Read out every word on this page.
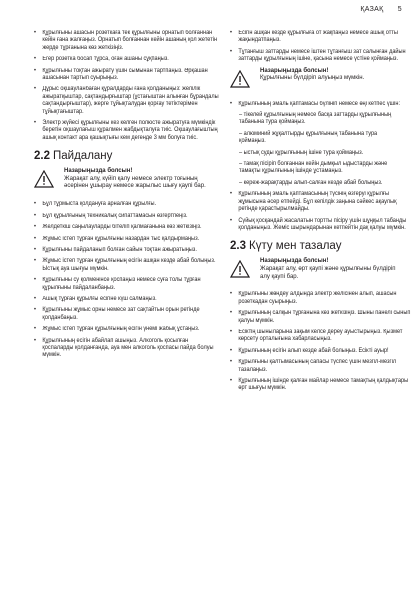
ҚАЗАҚ 5
• Құрылғыны ашасын розеткаға тек құрылғыны орнатып болғаннан кейін ғана жалғаңыз. Орнатып болғаннан кейін ашаның қол жететін жерде тұрғанына көз жеткізіңіз.
• Егер розетка босап тұрса, оған ашаны сұқпаңыз.
• Құрылғыны тоқтан ажырату үшін сымынан тартпаңыз. Әрқашан ашасынан тартып суырыңыз.
• Дұрыс оқшауланбаған құралдарды ғана қолданыңыз: желілік ажыратқыштар, сақтандырғыштар (ұстағыштан алынған бұрандалы сақтандырғыштар), жерге тұйықталудан қорғау тетіктерімен тұйықтағыштар.
• Электр жүйесі құрылғыны кез келген полюсте ажыратуға мүмкіндік беретін оқшаулағыш құралмен жабдықталуға тиіс. Оқшаулағыштың ашық контакт ара қашықтығы кем дегенде 3 мм болуға тиіс.
2.2 Пайдалану
Назарыңызда болсын!
Жарақат алу, күйіп қалу немесе электр тоғының әсерінен ұшырау немесе жарылыс шығу қаупі бар.
• Бұл тұрмыста қолдануға арналған құрылғы.
• Бұл құрылғының техникалық сипаттамасын өзгертпеңіз.
• Желдеткіш саңылауларды бітеліп қалмағанына көз жеткізіңіз.
• Жұмыс істеп тұрған құрылғыны назардан тыс қалдырмаңыз.
• Құрылғыны пайдаланып болған сайын тоқтан ажыратыңыз.
• Жұмыс істеп тұрған құрылғының есігін ашқан кезде абай болыңыз. Ыстық ауа шығуы мүмкін.
• Құрылғыны су қолменінсе қоспаңыз немесе суға толы тұрған құрылғыны пайдаланбаңыз.
• Ашық тұрған құрылғы есігіне күш салмаңыз.
• Құрылғыны жұмыс орны немесе зат сақтайтын орын ретінде қолданбаңыз.
• Жұмыс істеп тұрған құрылғының есігін үнемі жабық ұстаңыз.
• Құрылғының есігін абайлап ашыңыз. Алкоголь қосылған қоспаларды қолданғанда, ауа мен алкоголь қоспасы пайда болуы мүмкін.
• Есігін ашқан кезде құрылғыға от жақпаңыз немесе ашық отты жақындатпаңыз.
• Тұтанғыш заттарды немесе іштен тұтанғыш зат салынған дайын заттарды құрылғының ішіне, қасына немесе үстіне қоймаңыз.
Назарыңызда болсын!
Құрылғыны бүлдіріп алуыңыз мүмкін.
• Құрылғының эмаль қаптамасы бүлініп немесе өңі кетпес үшін:

– тікелей құрылғының немесе басқа заттарды құрылғының табанына тура қоймаңыз.

– алюминий жұқалтырды құрылғының табанына тура қоймаңыз.

– ыстық суды құрылғының ішіне тура қоймаңыз.

– тамақ пісіріп болғаннан кейін дымқыл ыдыстарды және тамақты құрылғының ішінде ұстамаңыз.

– кереж-жарақтарды алып-салған кезде абай болыңыз.

• Құрылғының эмаль қаптамасының түсінің өзгеруі құрылғы жұмысына әсер етпейді. Бұл кепілдік заңына сәйкес ақаулық ретінде қарастырылмайды.
• Сүйық қосқандай жасалатын тортты пісіру үшін шұңқыл табанды қолданыңыз. Жеміс шырындарынан кетпейтін дақ қалуы мүмкін.
2.3 Күту мен тазалау
Назарыңызда болсын!
Жарақат алу, өрт қаупі және құрылғыны бүлдіріп алу қаупі бар.
• Құрылғыны жөндеу алдында электр желісінен алып, ашасын розеткадан суырыңыз.
• Құрылғының салқын тұрғанына көз жеткізіңіз. Шыны панелі сынып қалуы мүмкін.
• Есіктің шыныларына зақым келсе дереу ауыстырыңыз. Қызмет көрсету орталығына хабарласыңыз.
• Құрылғының есігін алып кезде абай болыңыз. Есікті ауыр!
• Құрылғыны қалтымасының сапасы түспес үшін мезгіл-мезгіл тазалаңыз.
• Құрылғының ішінде қалған майлар немесе тамақтың қалдықтары өрт шығуы мүмкін.
